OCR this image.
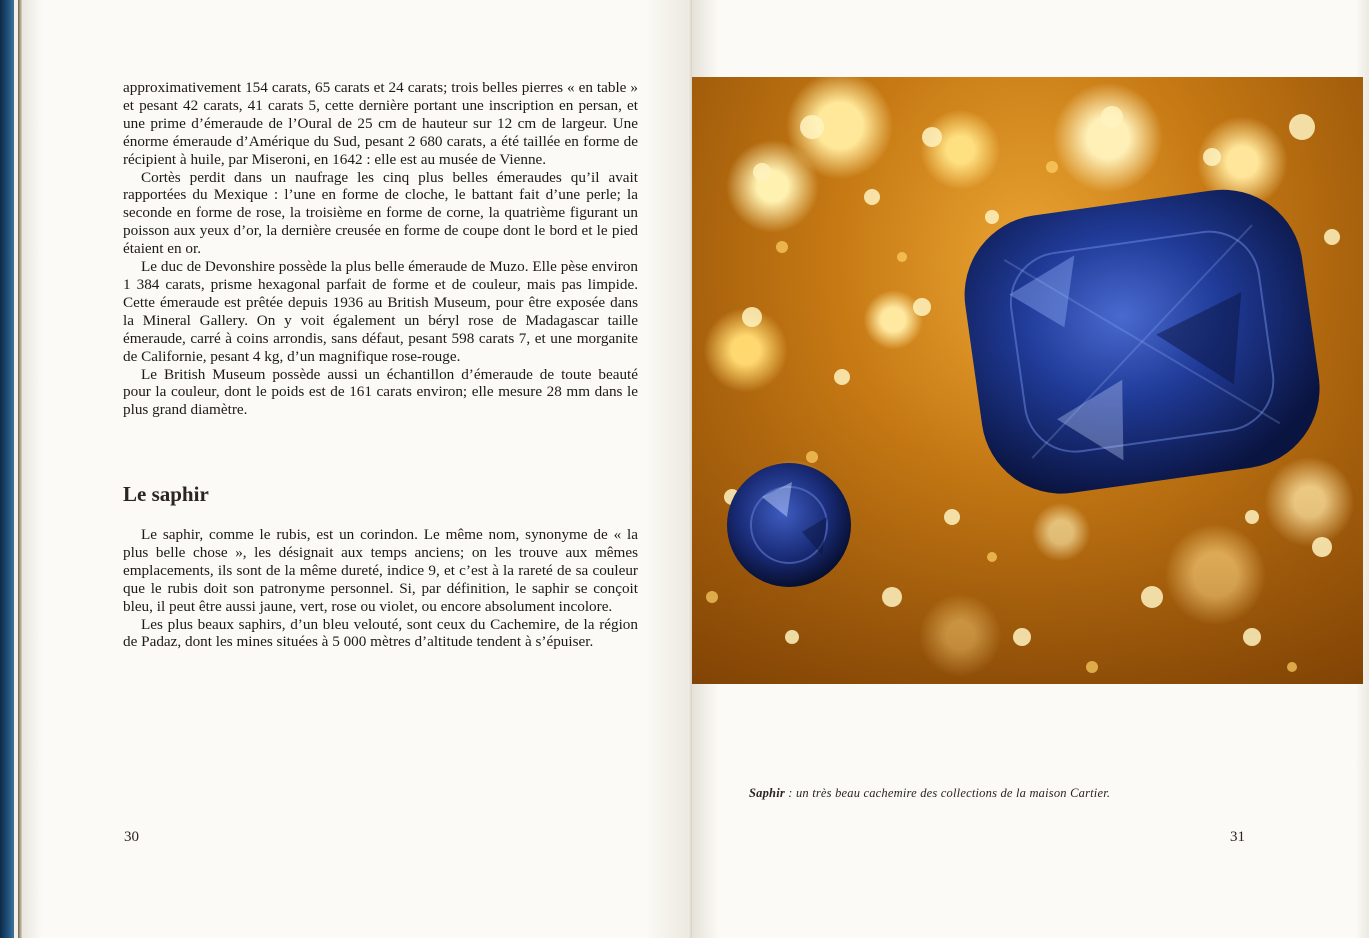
approximativement 154 carats, 65 carats et 24 carats; trois belles pierres « en table » et pesant 42 carats, 41 carats 5, cette dernière portant une inscription en persan, et une prime d’émeraude de l’Oural de 25 cm de hauteur sur 12 cm de largeur. Une énorme émeraude d’Amérique du Sud, pesant 2 680 carats, a été taillée en forme de récipient à huile, par Miseroni, en 1642 : elle est au musée de Vienne.

Cortès perdit dans un naufrage les cinq plus belles émeraudes qu’il avait rapportées du Mexique : l’une en forme de cloche, le battant fait d’une perle; la seconde en forme de rose, la troisième en forme de corne, la quatrième figurant un poisson aux yeux d’or, la dernière creusée en forme de coupe dont le bord et le pied étaient en or.

Le duc de Devonshire possède la plus belle émeraude de Muzo. Elle pèse environ 1 384 carats, prisme hexagonal parfait de forme et de couleur, mais pas limpide. Cette émeraude est prêtée depuis 1936 au British Museum, pour être exposée dans la Mineral Gallery. On y voit également un béryl rose de Madagascar taille émeraude, carré à coins arrondis, sans défaut, pesant 598 carats 7, et une morganite de Californie, pesant 4 kg, d’un magnifique rose-rouge.

Le British Museum possède aussi un échantillon d’émeraude de toute beauté pour la couleur, dont le poids est de 161 carats environ; elle mesure 28 mm dans le plus grand diamètre.

Le saphir

Le saphir, comme le rubis, est un corindon. Le même nom, synonyme de « la plus belle chose », les désignait aux temps anciens; on les trouve aux mêmes emplacements, ils sont de la même dureté, indice 9, et c’est à la rareté de sa couleur que le rubis doit son patronyme personnel. Si, par définition, le saphir se conçoit bleu, il peut être aussi jaune, vert, rose ou violet, ou encore absolument incolore.

Les plus beaux saphirs, d’un bleu velouté, sont ceux du Cachemire, de la région de Padaz, dont les mines situées à 5 000 mètres d’altitude tendent à s’épuiser.

30
Saphir : un très beau cachemire des collections de la maison Cartier.
31
